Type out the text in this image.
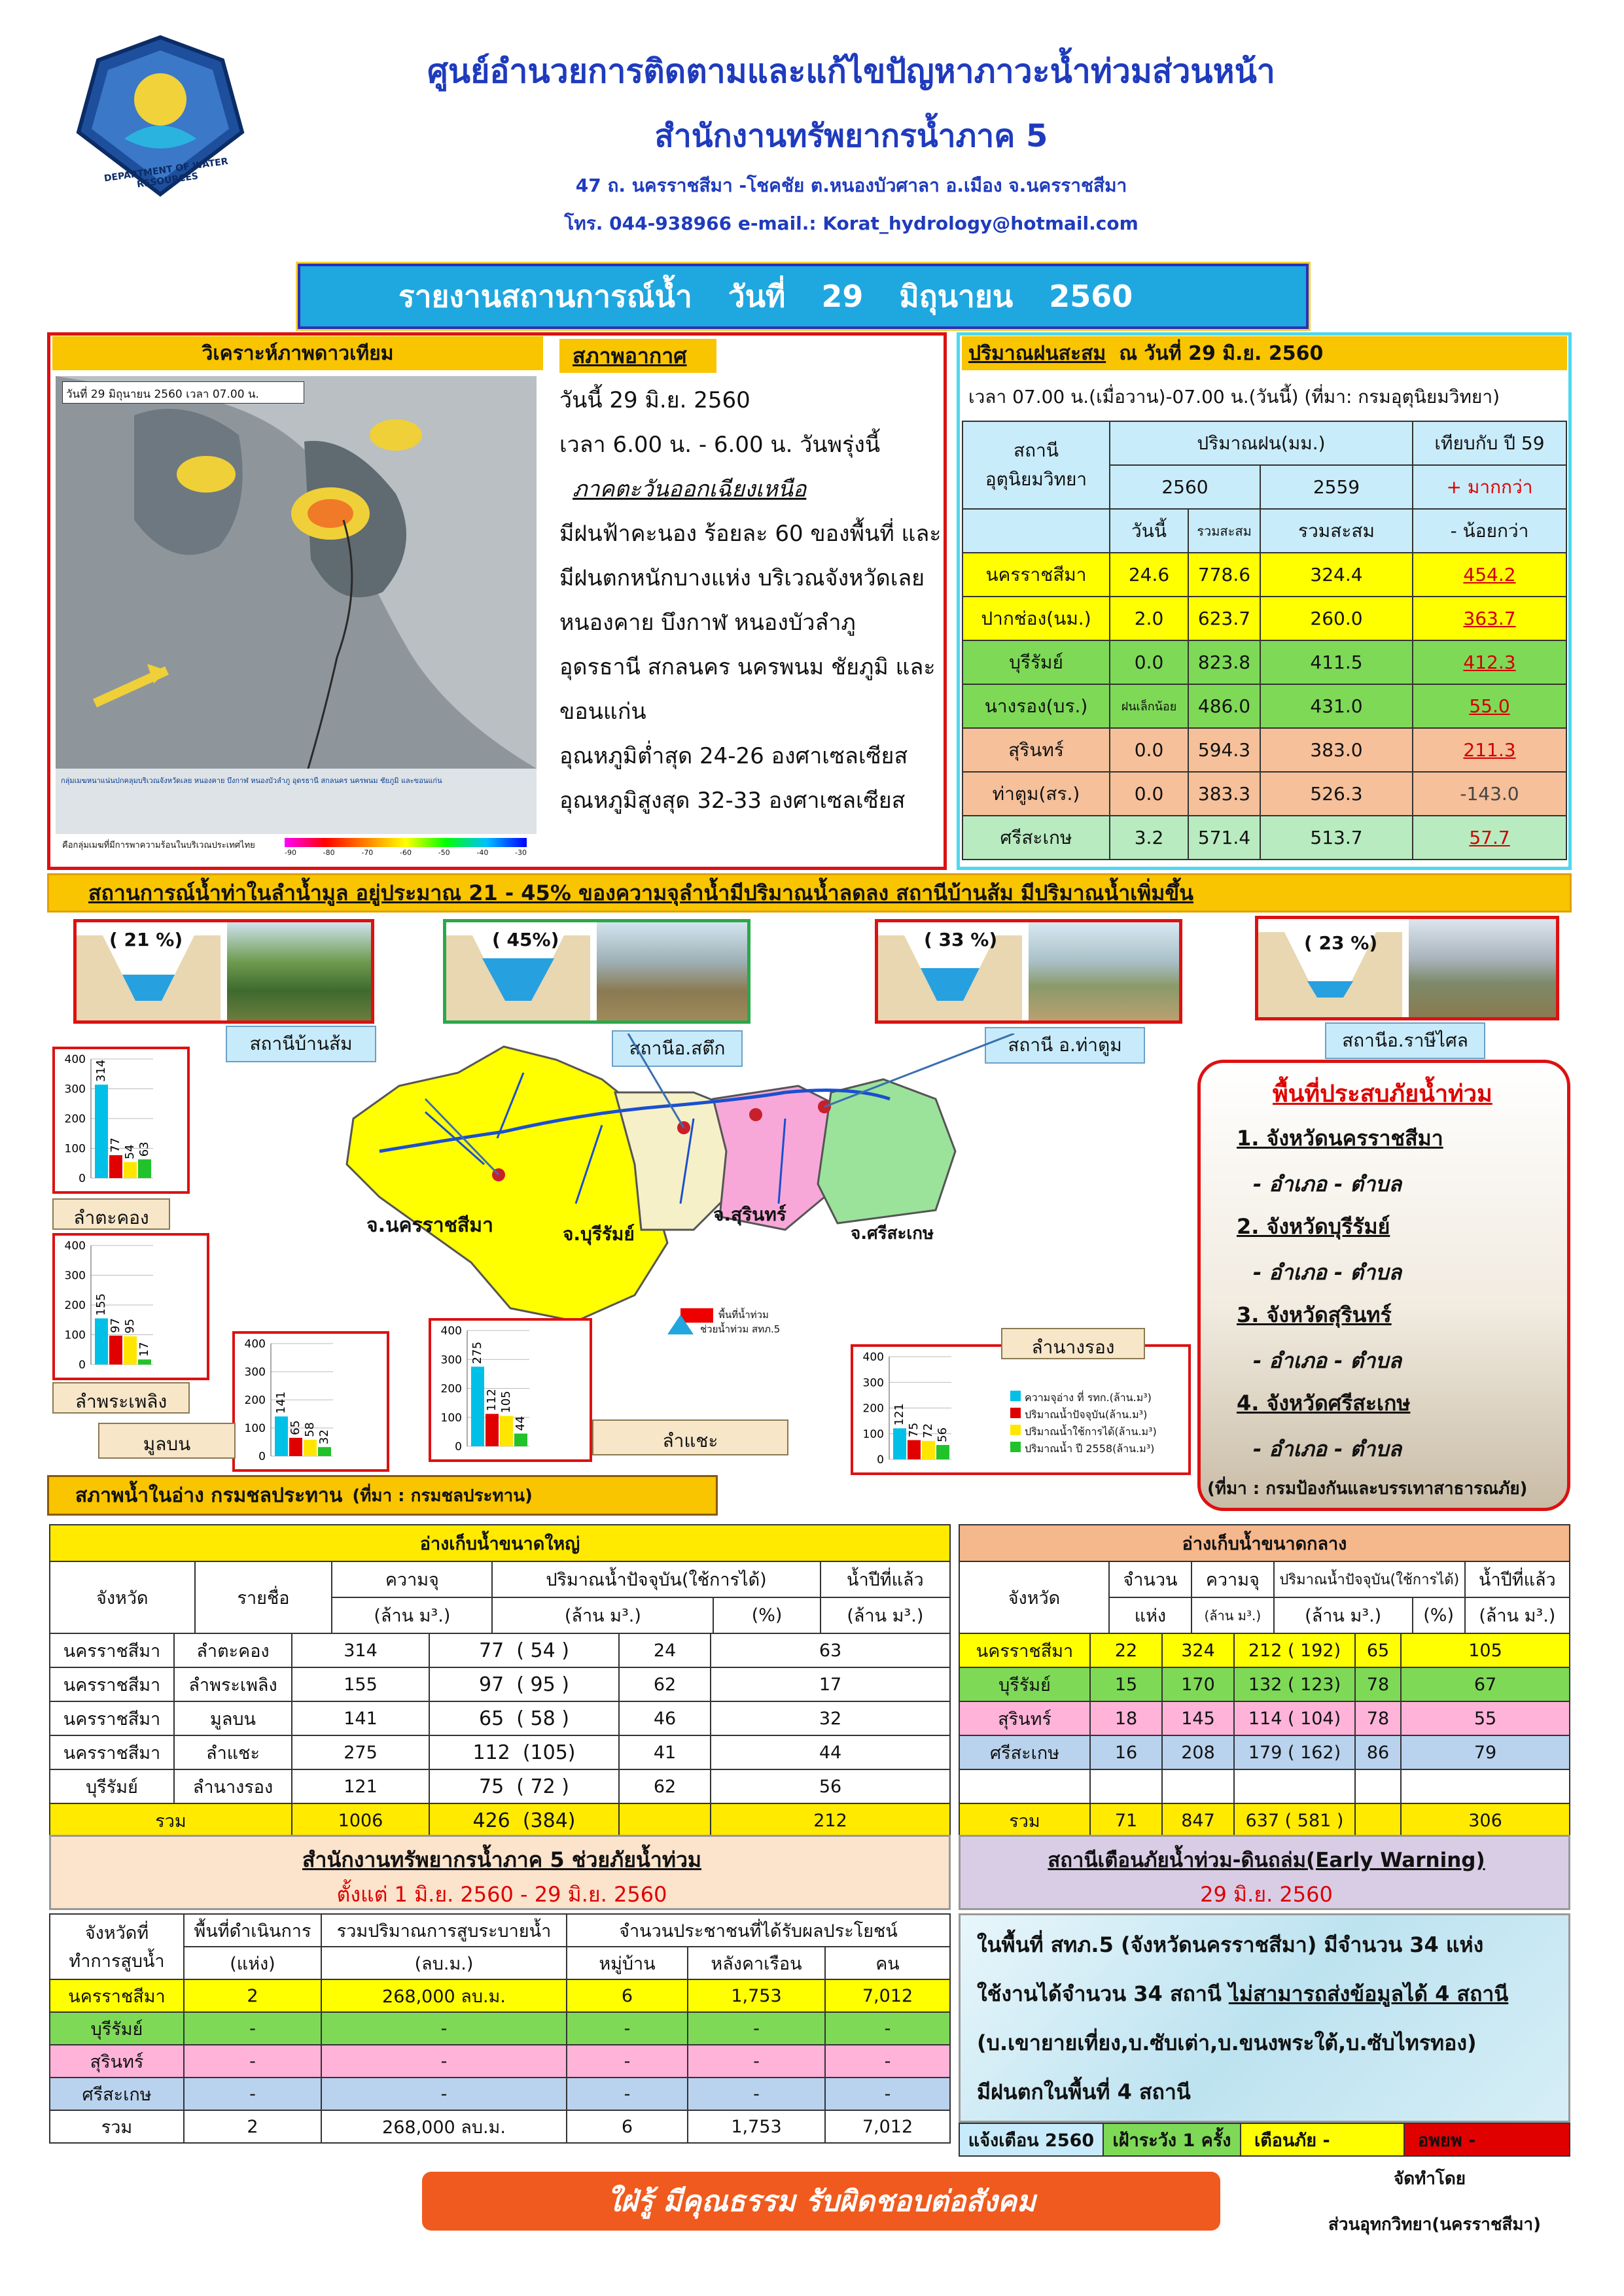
DEPARTMENT OF WATER RESOURCES
ศูนย์อำนวยการติดตามและแก้ไขปัญหาภาวะน้ำท่วมส่วนหน้า
สำนักงานทรัพยากรน้ำภาค 5
47 ถ. นครราชสีมา -โชคชัย ต.หนองบัวศาลา อ.เมือง จ.นครราชสีมา
โทร. 044-938966 e-mail.: Korat_hydrology@hotmail.com
รายงานสถานการณ์น้ำ วันที่ 29 มิถุนายน 2560
วิเคราะห์ภาพดาวเทียม
วันที่ 29 มิถุนายน 2560 เวลา 07.00 น.
กลุ่มเมฆหนาแน่นปกคลุมบริเวณจังหวัดเลย หนองคาย บึงกาฬ หนองบัวลำภู อุดรธานี สกลนคร นครพนม ชัยภูมิ และขอนแก่น
คือกลุ่มเมฆที่มีการพาความร้อนในบริเวณประเทศไทย
-90	-80	-70	-60	-50	-40	-30
สภาพอากาศ
วันนี้ 29 มิ.ย. 2560
เวลา 6.00 น. - 6.00 น. วันพรุ่งนี้
ภาคตะวันออกเฉียงเหนือ
มีฝนฟ้าคะนอง ร้อยละ 60 ของพื้นที่ และ
มีฝนตกหนักบางแห่ง บริเวณจังหวัดเลย
หนองคาย บึงกาฬ หนองบัวลำภู
อุดรธานี สกลนคร นครพนม ชัยภูมิ และ
ขอนแก่น
อุณหภูมิต่ำสุด 24-26 องศาเซลเซียส
อุณหภูมิสูงสุด 32-33 องศาเซลเซียส
ปริมาณฝนสะสม ณ วันที่ 29 มิ.ย. 2560
เวลา 07.00 น.(เมื่อวาน)-07.00 น.(วันนี้) (ที่มา: กรมอุตุนิยมวิทยา)
สถานี
อุตุนิยมวิทยา	ปริมาณฝน(มม.)			เทียบกับ ปี 59
	2560		2559	+ มากกว่า
	วันนี้	รวมสะสม	รวมสะสม	- น้อยกว่า
นครราชสีมา	24.6	778.6	324.4	454.2
ปากช่อง(นม.)	2.0	623.7	260.0	363.7
บุรีรัมย์	0.0	823.8	411.5	412.3
นางรอง(บร.)	ฝนเล็กน้อย	486.0	431.0	55.0
สุรินทร์	0.0	594.3	383.0	211.3
ท่าตูม(สร.)	0.0	383.3	526.3	-143.0
ศรีสะเกษ	3.2	571.4	513.7	57.7
สถานการณ์น้ำท่าในลำน้ำมูล อยู่ประมาณ 21 - 45% ของความจุลำน้ำมีปริมาณน้ำลดลง สถานีบ้านส้ม มีปริมาณน้ำเพิ่มขึ้น
( 21 %)
สถานีบ้านส้ม
( 45%)
สถานีอ.สตึก
( 33 %)
สถานี อ.ท่าตูม
( 23 %)
สถานีอ.ราษีไศล
จ.นครราชสีมา	จ.บุรีรัมย์
จ.สุรินทร์
จ.ศรีสะเกษ
พื้นที่น้ำท่วม
ช่วยน้ำท่วม สทภ.5
400
300
200
100
0
314
77 54 63
ลำตะคอง
400
300
200
100
0
155
97 95
17
ลำพระเพลิง
400
300
200
100
0
141
65 58 32
มูลบน
400
300
200
100
0
275
112 105
44
ลำแชะ
400
300
200
100
0
121
75 72 56
ความจุอ่าง ที่ รทก.(ล้าน.ม³)
ปริมาณน้ำปัจจุบัน(ล้าน.ม³)
ปริมาณน้ำใช้การได้(ล้าน.ม³)
ปริมาณน้ำ ปี 2558(ล้าน.ม³)
ลำนางรอง
พื้นที่ประสบภัยน้ำท่วม
1. จังหวัดนครราชสีมา
- อำเภอ - ตำบล
2. จังหวัดบุรีรัมย์
- อำเภอ - ตำบล
3. จังหวัดสุรินทร์
- อำเภอ - ตำบล
4. จังหวัดศรีสะเกษ
- อำเภอ - ตำบล
(ที่มา : กรมป้องกันและบรรเทาสาธารณภัย)
สภาพน้ำในอ่าง กรมชลประทาน (ที่มา : กรมชลประทาน)
อ่างเก็บน้ำขนาดใหญ่					
จังหวัด	รายชื่อ	ความจุ	ปริมาณน้ำปัจจุบัน(ใช้การได้)		น้ำปีที่แล้ว
		(ล้าน ม³.)	(ล้าน ม³.)	(%)	(ล้าน ม³.)
นครราชสีมา	ลำตะคอง	314	77 ( 54 )	24	63
นครราชสีมา	ลำพระเพลิง	155	97 ( 95 )	62	17
นครราชสีมา	มูลบน	141	65 ( 58 )	46	32
นครราชสีมา	ลำแชะ	275	112 (105)	41	44
บุรีรัมย์	ลำนางรอง	121	75 ( 72 )	62	56
รวม		1006	426 (384)		212
อ่างเก็บน้ำขนาดกลาง					
จังหวัด	จำนวน	ความจุ	ปริมาณน้ำปัจจุบัน(ใช้การได้)		น้ำปีที่แล้ว
	แห่ง	(ล้าน ม³.)	(ล้าน ม³.)	(%)	(ล้าน ม³.)
นครราชสีมา	22	324	212 ( 192)	65	105
บุรีรัมย์	15	170	132 ( 123)	78	67
สุรินทร์	18	145	114 ( 104)	78	55
ศรีสะเกษ	16	208	179 ( 162)	86	79

รวม	71	847	637 ( 581 )		306
สำนักงานทรัพยากรน้ำภาค 5 ช่วยภัยน้ำท่วม
ตั้งแต่ 1 มิ.ย. 2560 - 29 มิ.ย. 2560
จังหวัดที่
ทำการสูบน้ำ	พื้นที่ดำเนินการ	รวมปริมาณการสูบระบายน้ำ	จำนวนประชาชนที่ได้รับผลประโยชน์		
	(แห่ง)	(ลบ.ม.)	หมู่บ้าน	หลังคาเรือน	คน
นครราชสีมา	2	268,000 ลบ.ม.	6	1,753	7,012
บุรีรัมย์	-	-	-	-	-
สุรินทร์	-	-	-	-	-
ศรีสะเกษ	-	-	-	-	-
รวม	2	268,000 ลบ.ม.	6	1,753	7,012
สถานีเตือนภัยน้ำท่วม-ดินถล่ม(Early Warning)
29 มิ.ย. 2560
ในพื้นที่ สทภ.5 (จังหวัดนครราชสีมา) มีจำนวน 34 แห่ง
ใช้งานได้จำนวน 34 สถานี ไม่สามารถส่งข้อมูลได้ 4 สถานี
(บ.เขายายเที่ยง,บ.ซับเต่า,บ.ขนงพระใต้,บ.ซับไทรทอง)
มีฝนตกในพื้นที่ 4 สถานี
แจ้งเตือน 2560	เฝ้าระวัง 1 ครั้ง	เตือนภัย -	อพยพ -
ใฝ่รู้ มีคุณธรรม รับผิดชอบต่อสังคม
จัดทำโดย
ส่วนอุทกวิทยา(นครราชสีมา)
